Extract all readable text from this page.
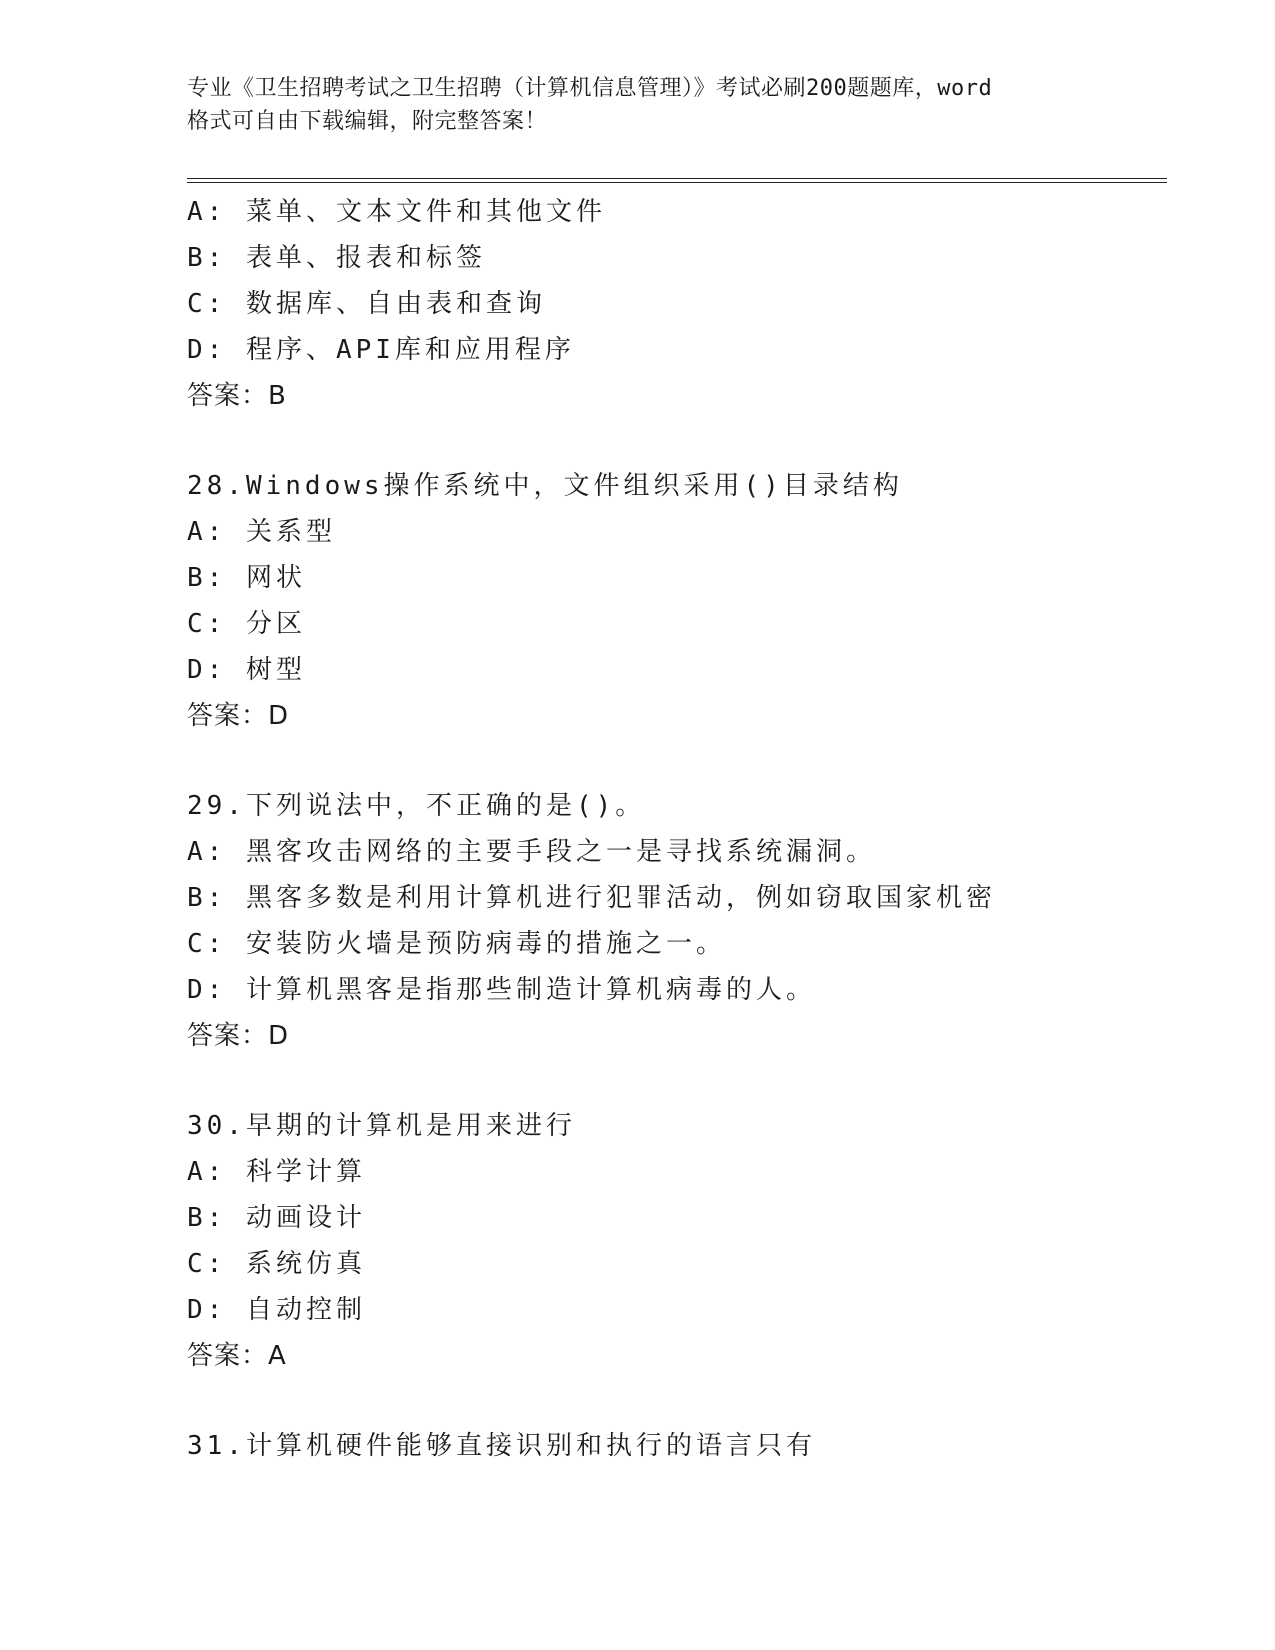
专业《卫生招聘考试之卫生招聘（计算机信息管理）》考试必刷200题题库，word
格式可自由下载编辑，附完整答案！
A: 菜单、文本文件和其他文件
B: 表单、报表和标签
C: 数据库、自由表和查询
D: 程序、API库和应用程序
答案：B
28.Windows操作系统中，文件组织采用()目录结构
A: 关系型
B: 网状
C: 分区
D: 树型
答案：D
29.下列说法中，不正确的是()。
A: 黑客攻击网络的主要手段之一是寻找系统漏洞。
B: 黑客多数是利用计算机进行犯罪活动，例如窃取国家机密
C: 安装防火墙是预防病毒的措施之一。
D: 计算机黑客是指那些制造计算机病毒的人。
答案：D
30.早期的计算机是用来进行
A: 科学计算
B: 动画设计
C: 系统仿真
D: 自动控制
答案：A
31.计算机硬件能够直接识别和执行的语言只有
